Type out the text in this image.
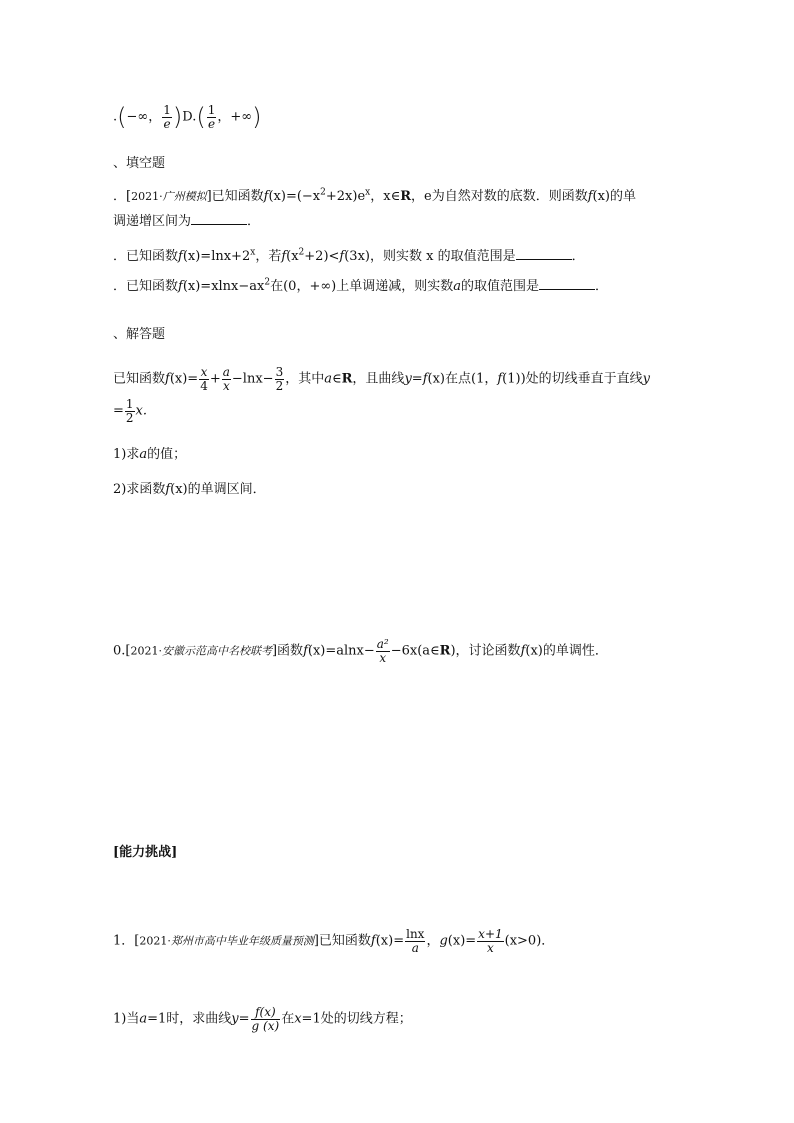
.(−∞， $\frac{1}{e} )D.( \frac{1}{e}$ ，+∞)
、填空题
．[2021·广州模拟]已知函数$f(x)=(-x^2+2x)e^x$，x∈R，e为自然对数的底数．则函数f(x)的单
调递增区间为	．
．已知函数$f(x)=\ln x+2^x$，若$f(x^2+2)<f(3x)$，则实数 x 的取值范围是	．
．已知函数$f(x)=xlnx-ax^2$在(0，+∞)上单调递减，则实数a的取值范围是	．
、解答题
已知函数$f(x)= \frac{x}{4} + \frac{a}{x} -\ln x- \frac{3}{2}$ ，其中a∈R，且曲线y=f(x)在点(1，f(1))处的切线垂直于直线y
= $\frac{1}{2} x$.
1)求a的值；
2)求函数f(x)的单调区间．
0.[2021·安徽示范高中名校联考]函数$f(x)=alnx- \frac{\text{a²}}{x}$ −6x(a∈R)，讨论函数f(x)的单调性．
[能力挑战]
1．[2021·郑州市高中毕业年级质量预测]已知函数$f(x)= \frac{\ln x}{a}$ ，$g(x)= \frac{x+1}{x} (x>0)$．
1)当a=1时，求曲线$y= \frac{f(x)}{g (x)}$ 在x=1处的切线方程；
